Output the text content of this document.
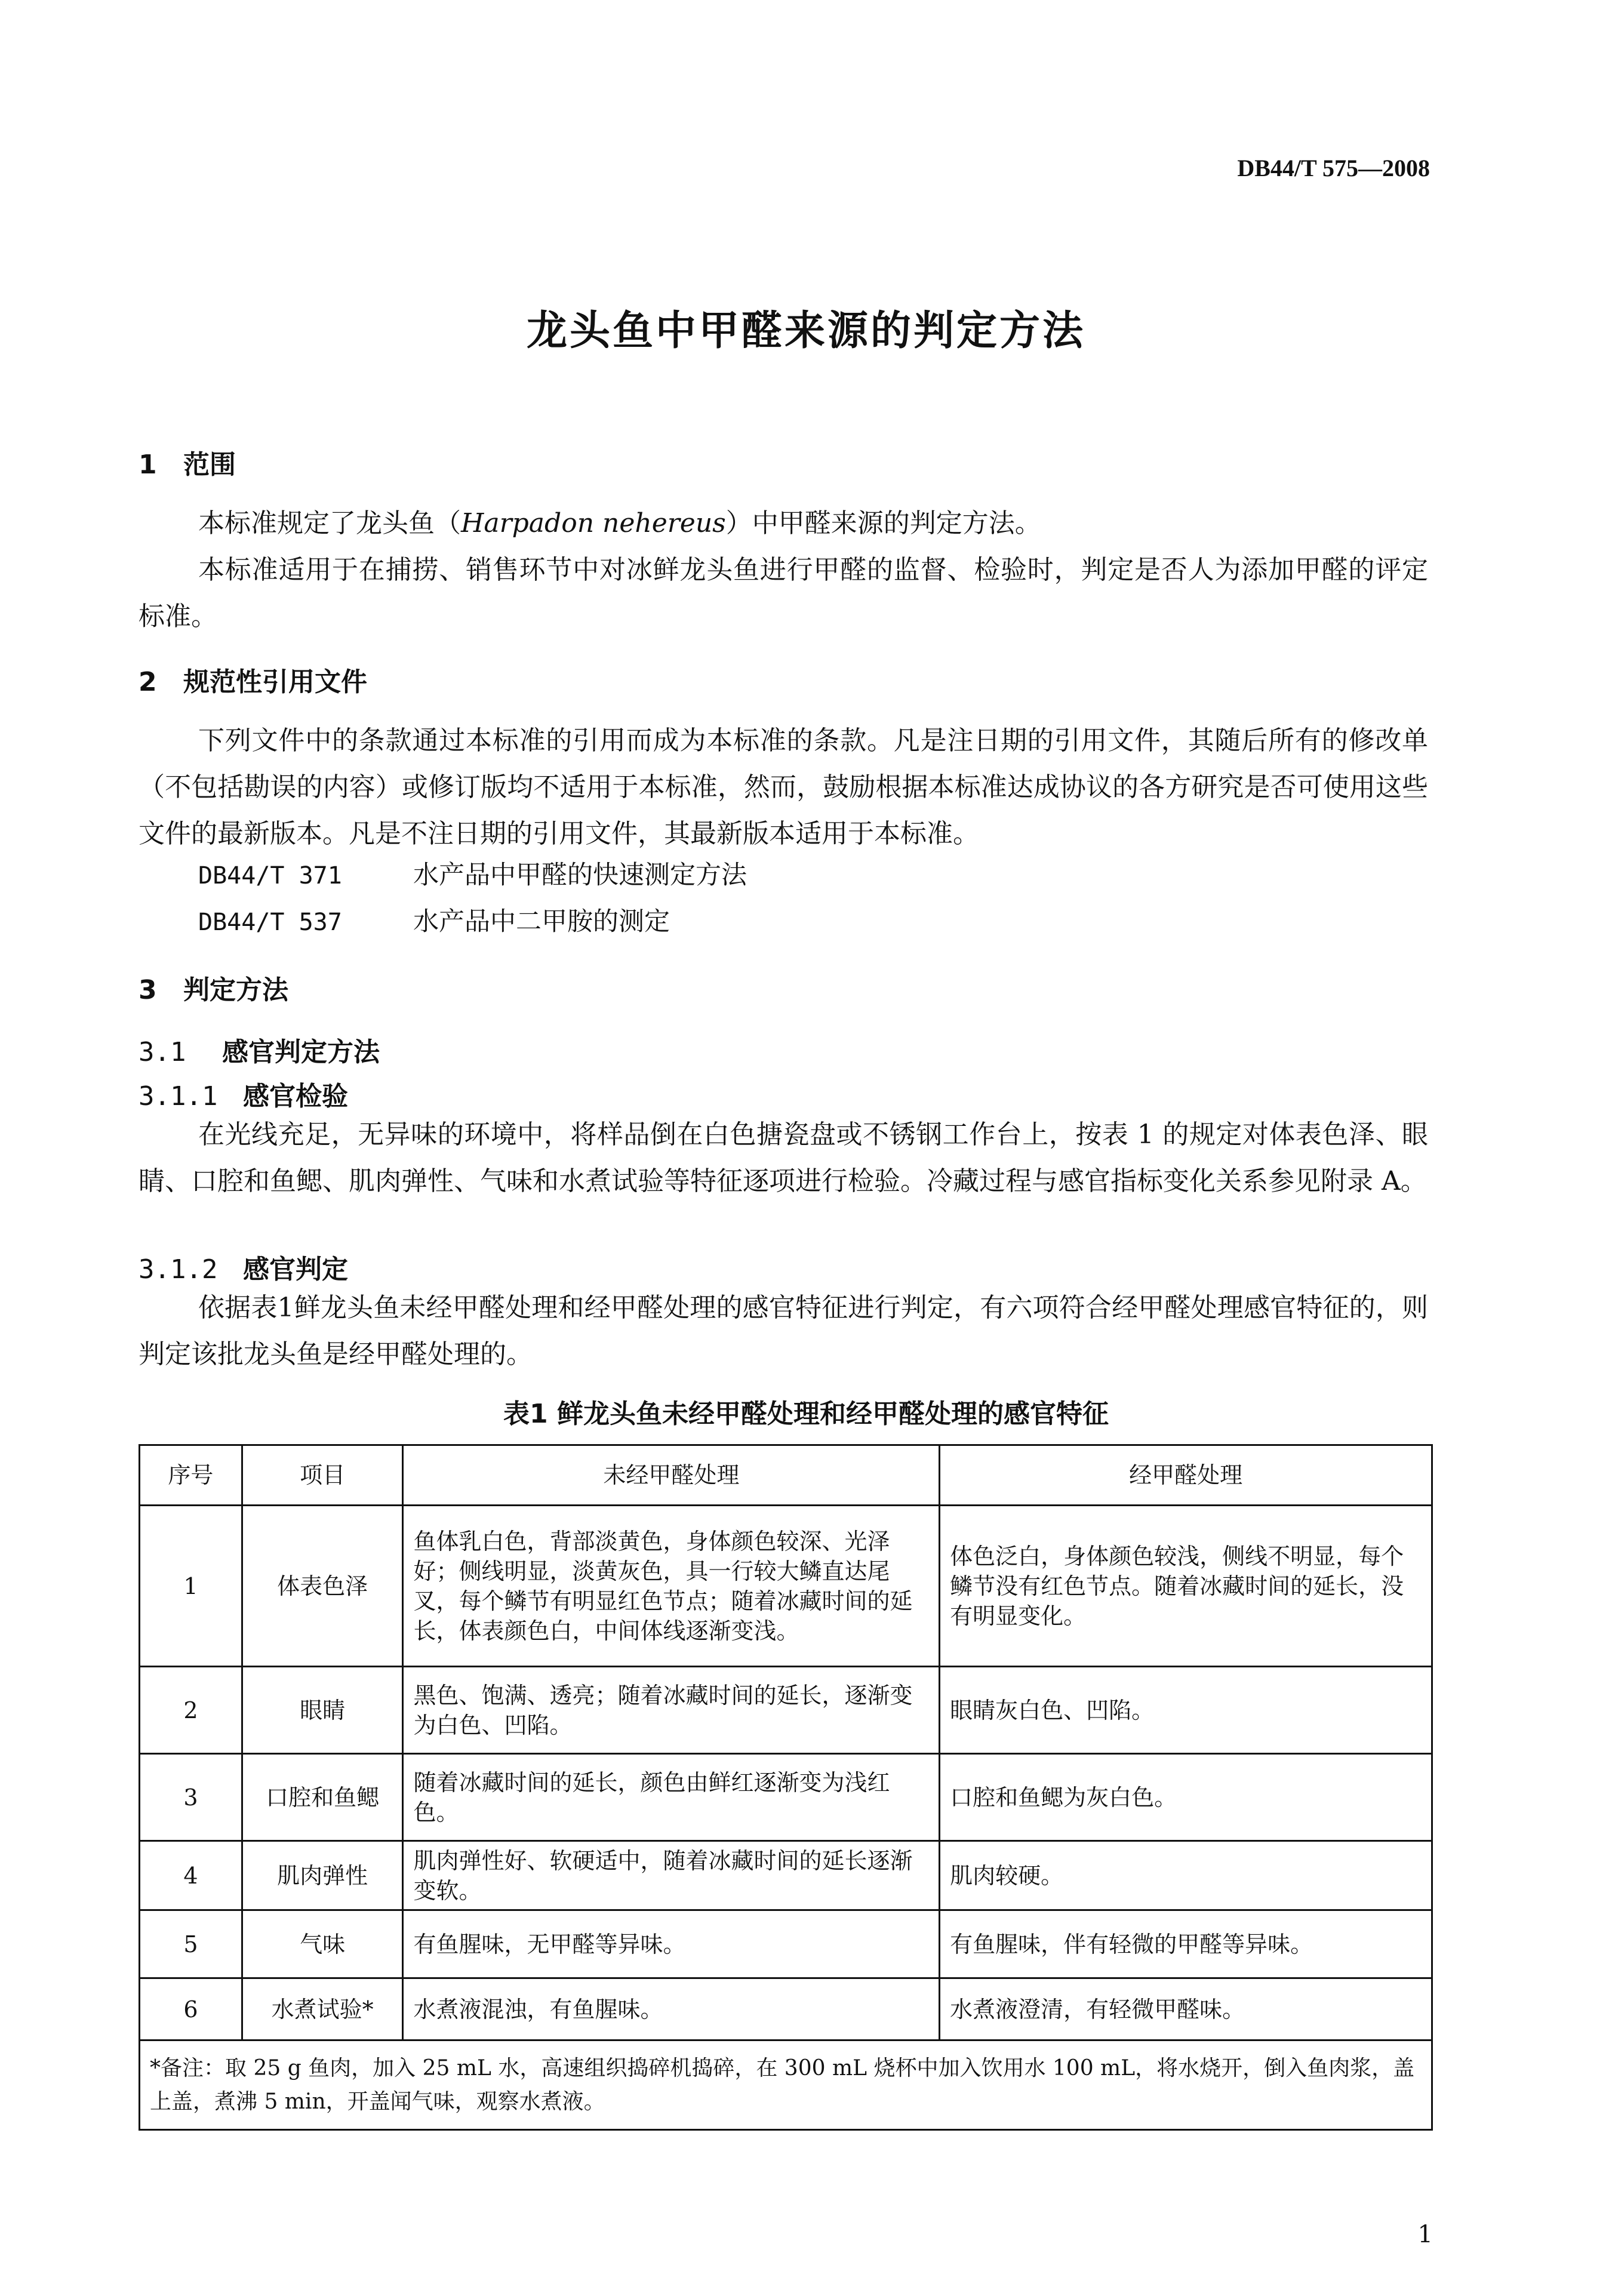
DB44/T 575—2008
龙头鱼中甲醛来源的判定方法
1 范围
本标准规定了龙头鱼（Harpadon nehereus）中甲醛来源的判定方法。
本标准适用于在捕捞、销售环节中对冰鲜龙头鱼进行甲醛的监督、检验时，判定是否人为添加甲醛的评定标准。
2 规范性引用文件
下列文件中的条款通过本标准的引用而成为本标准的条款。凡是注日期的引用文件，其随后所有的修改单（不包括勘误的内容）或修订版均不适用于本标准，然而，鼓励根据本标准达成协议的各方研究是否可使用这些文件的最新版本。凡是不注日期的引用文件，其最新版本适用于本标准。
DB44/T 371	水产品中甲醛的快速测定方法
DB44/T 537	水产品中二甲胺的测定
3 判定方法
3.1 感官判定方法
3.1.1 感官检验
在光线充足，无异味的环境中，将样品倒在白色搪瓷盘或不锈钢工作台上，按表 1 的规定对体表色泽、眼睛、口腔和鱼鳃、肌肉弹性、气味和水煮试验等特征逐项进行检验。冷藏过程与感官指标变化关系参见附录 A。
3.1.2 感官判定
依据表1鲜龙头鱼未经甲醛处理和经甲醛处理的感官特征进行判定，有六项符合经甲醛处理感官特征的，则判定该批龙头鱼是经甲醛处理的。
表1 鲜龙头鱼未经甲醛处理和经甲醛处理的感官特征
序号	项目	未经甲醛处理	经甲醛处理
1	体表色泽	鱼体乳白色，背部淡黄色，身体颜色较深、光泽好；侧线明显，淡黄灰色，具一行较大鳞直达尾叉，每个鳞节有明显红色节点；随着冰藏时间的延长，体表颜色白，中间体线逐渐变浅。	体色泛白，身体颜色较浅，侧线不明显，每个鳞节没有红色节点。随着冰藏时间的延长，没有明显变化。
2	眼睛	黑色、饱满、透亮；随着冰藏时间的延长，逐渐变为白色、凹陷。	眼睛灰白色、凹陷。
3	口腔和鱼鳃	随着冰藏时间的延长，颜色由鲜红逐渐变为浅红色。	口腔和鱼鳃为灰白色。
4	肌肉弹性	肌肉弹性好、软硬适中，随着冰藏时间的延长逐渐变软。	肌肉较硬。
5	气味	有鱼腥味，无甲醛等异味。	有鱼腥味，伴有轻微的甲醛等异味。
6	水煮试验*	水煮液混浊，有鱼腥味。	水煮液澄清，有轻微甲醛味。
*备注：取 25 g 鱼肉，加入 25 mL 水，高速组织捣碎机捣碎，在 300 mL 烧杯中加入饮用水 100 mL，将水烧开，倒入鱼肉浆，盖上盖，煮沸 5 min，开盖闻气味，观察水煮液。			
1
